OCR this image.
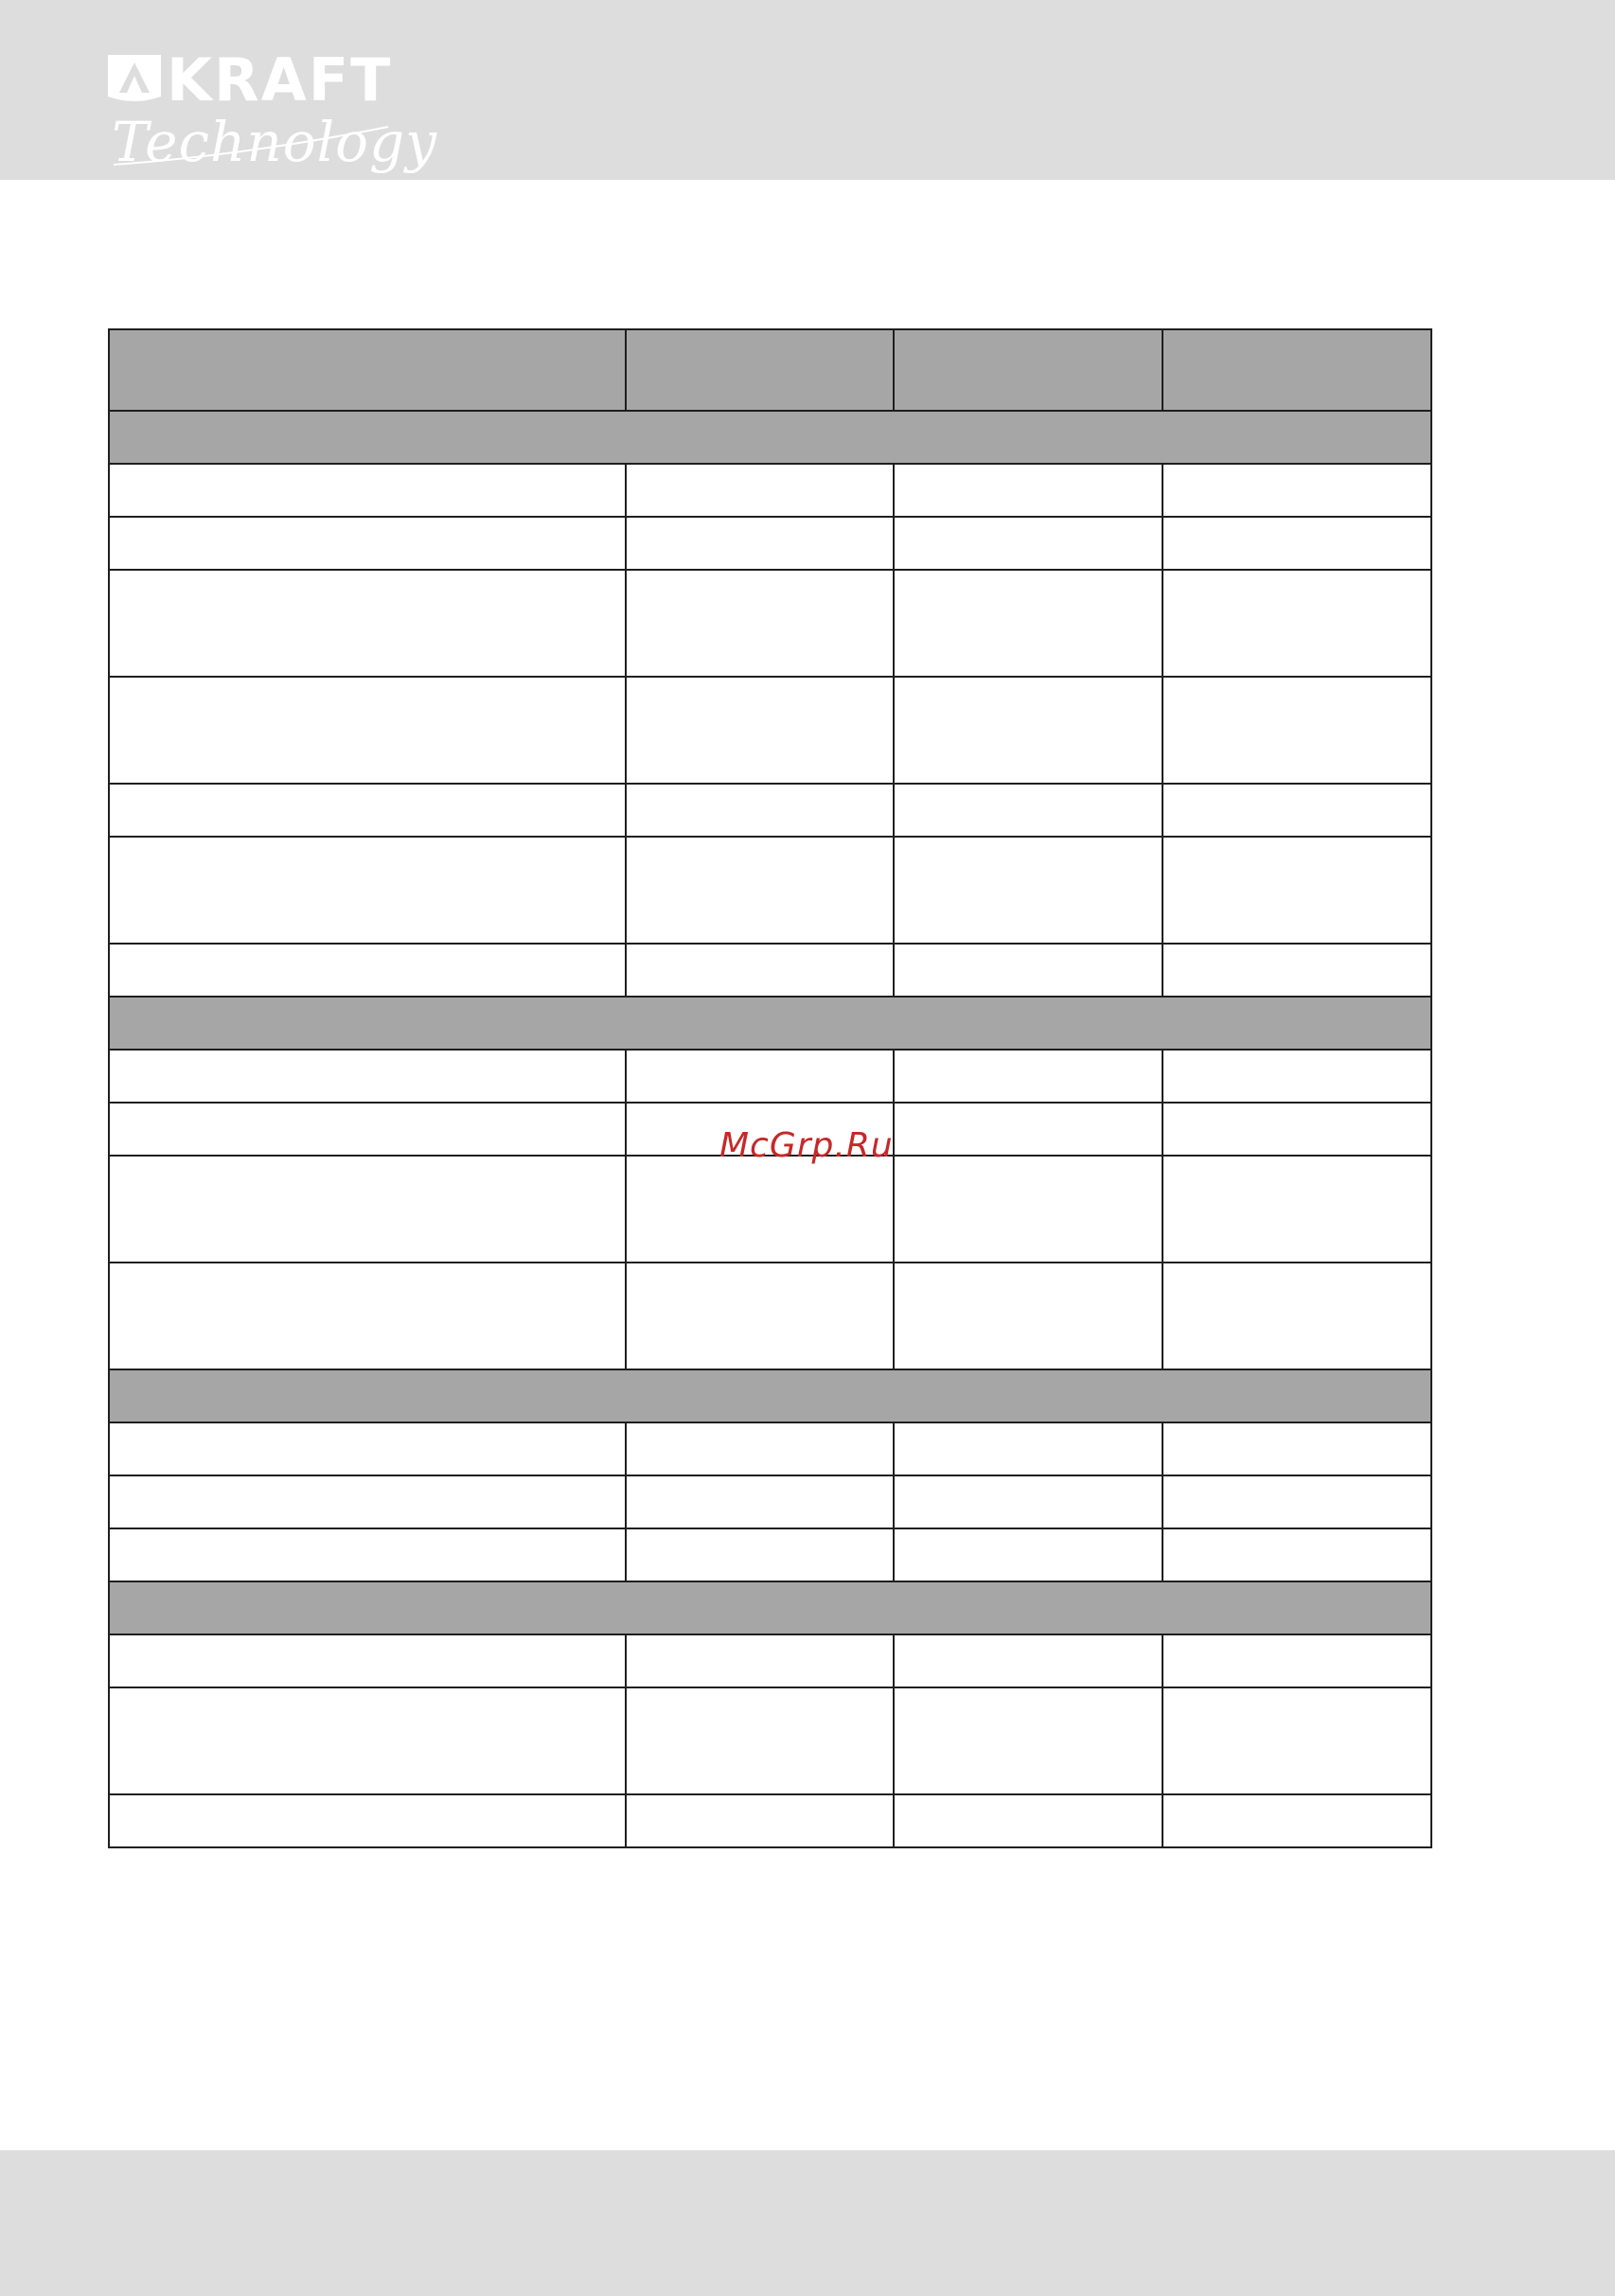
KRAFT
Technology

McGrp.Ru
